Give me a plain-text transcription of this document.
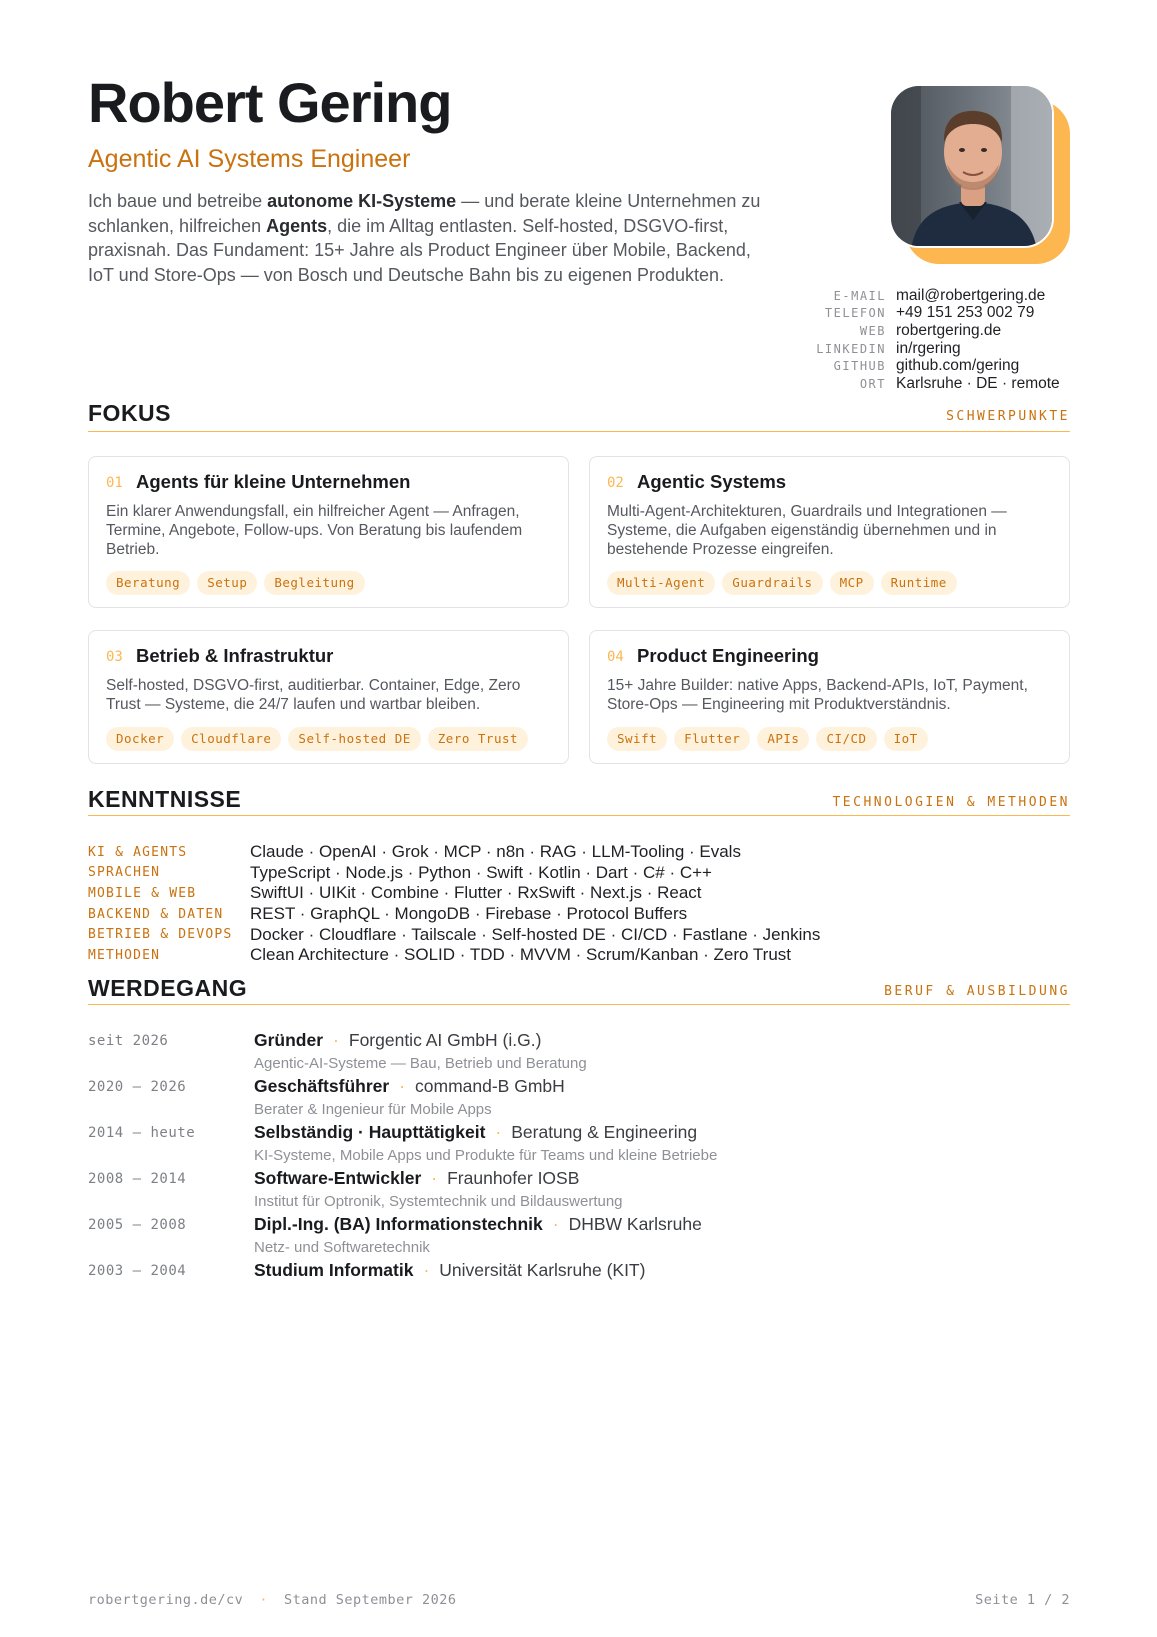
Robert Gering
Agentic AI Systems Engineer
Ich baue und betreibe autonome KI-Systeme — und berate kleine Unternehmen zu schlanken, hilfreichen Agents, die im Alltag entlasten. Self-hosted, DSGVO-first, praxisnah. Das Fundament: 15+ Jahre als Product Engineer über Mobile, Backend, IoT und Store-Ops — von Bosch und Deutsche Bahn bis zu eigenen Produkten.
E-MAIL mail@robertgering.de
TELEFON +49 151 253 002 79
WEB robertgering.de
LINKEDIN in/rgering
GITHUB github.com/gering
ORT Karlsruhe · DE · remote
FOKUS	SCHWERPUNKTE
01 Agents für kleine Unternehmen
Ein klarer Anwendungsfall, ein hilfreicher Agent — Anfragen, Termine, Angebote, Follow-ups. Von Beratung bis laufendem Betrieb.
Beratung	Setup	Begleitung
02 Agentic Systems
Multi-Agent-Architekturen, Guardrails und Integrationen — Systeme, die Aufgaben eigenständig übernehmen und in bestehende Prozesse eingreifen.
Multi-Agent	Guardrails	MCP	Runtime
03 Betrieb & Infrastruktur
Self-hosted, DSGVO-first, auditierbar. Container, Edge, Zero Trust — Systeme, die 24/7 laufen und wartbar bleiben.
Docker	Cloudflare	Self-hosted DE	Zero Trust
04 Product Engineering
15+ Jahre Builder: native Apps, Backend-APIs, IoT, Payment, Store-Ops — Engineering mit Produktverständnis.
Swift	Flutter	APIs	CI/CD	IoT
KENNTNISSE	TECHNOLOGIEN & METHODEN
KI & AGENTS	Claude · OpenAI · Grok · MCP · n8n · RAG · LLM-Tooling · Evals
SPRACHEN	TypeScript · Node.js · Python · Swift · Kotlin · Dart · C# · C++
MOBILE & WEB	SwiftUI · UIKit · Combine · Flutter · RxSwift · Next.js · React
BACKEND & DATEN	REST · GraphQL · MongoDB · Firebase · Protocol Buffers
BETRIEB & DEVOPS	Docker · Cloudflare · Tailscale · Self-hosted DE · CI/CD · Fastlane · Jenkins
METHODEN	Clean Architecture · SOLID · TDD · MVVM · Scrum/Kanban · Zero Trust
WERDEGANG	BERUF & AUSBILDUNG
seit 2026	Gründer · Forgentic AI GmbH (i.G.)
Agentic-AI-Systeme — Bau, Betrieb und Beratung
2020 – 2026	Geschäftsführer · command-B GmbH
Berater & Ingenieur für Mobile Apps
2014 – heute	Selbständig · Haupttätigkeit · Beratung & Engineering
KI-Systeme, Mobile Apps und Produkte für Teams und kleine Betriebe
2008 – 2014	Software-Entwickler · Fraunhofer IOSB
Institut für Optronik, Systemtechnik und Bildauswertung
2005 – 2008	Dipl.-Ing. (BA) Informationstechnik · DHBW Karlsruhe
Netz- und Softwaretechnik
2003 – 2004	Studium Informatik · Universität Karlsruhe (KIT)
robertgering.de/cv · Stand September 2026	Seite 1 / 2
